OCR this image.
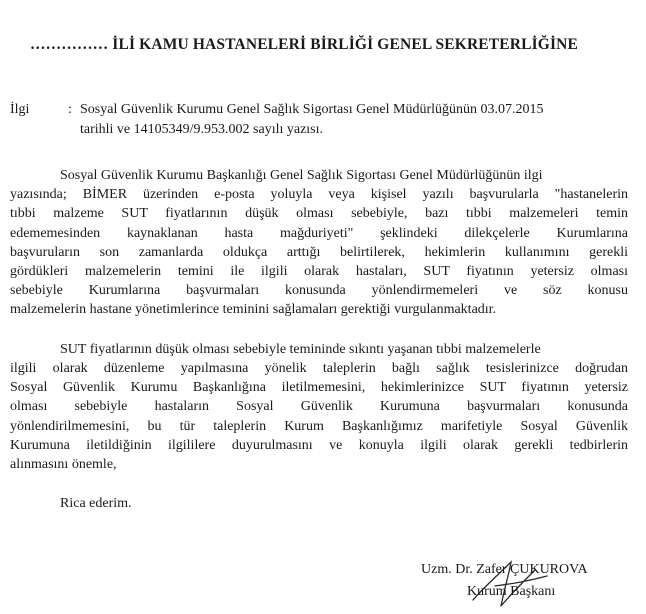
…………… İLİ KAMU HASTANELERİ BİRLİĞİ GENEL SEKRETERLİĞİNE
İlgi	: Sosyal Güvenlik Kurumu Genel Sağlık Sigortası Genel Müdürlüğünün 03.07.2015
tarihli ve 14105349/9.953.002 sayılı yazısı.
Sosyal Güvenlik Kurumu Başkanlığı Genel Sağlık Sigortası Genel Müdürlüğünün ilgi
yazısında; BİMER üzerinden e-posta yoluyla veya kişisel yazılı başvurularla "hastanelerin
tıbbi malzeme SUT fiyatlarının düşük olması sebebiyle, bazı tıbbi malzemeleri temin
edememesinden kaynaklanan hasta mağduriyeti" şeklindeki dilekçelerle Kurumlarına
başvuruların son zamanlarda oldukça arttığı belirtilerek, hekimlerin kullanımını gerekli
gördükleri malzemelerin temini ile ilgili olarak hastaları, SUT fiyatının yetersiz olması
sebebiyle Kurumlarına başvurmaları konusunda yönlendirmemeleri ve söz konusu
malzemelerin hastane yönetimlerince teminini sağlamaları gerektiği vurgulanmaktadır.
SUT fiyatlarının düşük olması sebebiyle temininde sıkıntı yaşanan tıbbi malzemelerle
ilgili olarak düzenleme yapılmasına yönelik taleplerin bağlı sağlık tesislerinizce doğrudan
Sosyal Güvenlik Kurumu Başkanlığına iletilmemesini, hekimlerinizce SUT fiyatının yetersiz
olması sebebiyle hastaların Sosyal Güvenlik Kurumuna başvurmaları konusunda
yönlendirilmemesini, bu tür taleplerin Kurum Başkanlığımız marifetiyle Sosyal Güvenlik
Kurumuna iletildiğinin ilgililere duyurulmasını ve konuyla ilgili olarak gerekli tedbirlerin
alınmasını önemle,
Rica ederim.
Uzm. Dr. Zafer ÇUKUROVA
Kurum Başkanı
